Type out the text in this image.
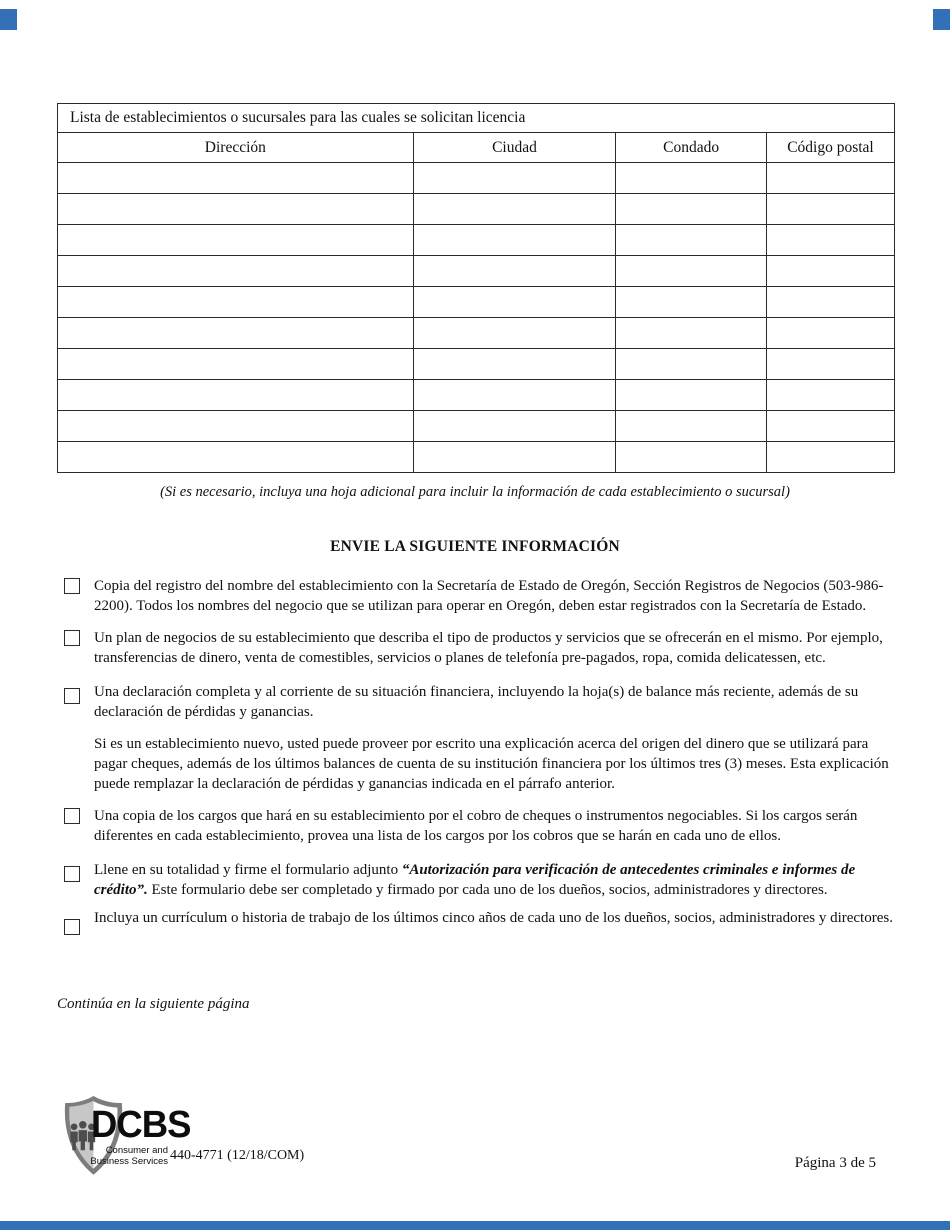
Lista de establecimientos o sucursales para las cuales se solicitan licencia			
Dirección	Ciudad	Condado	Código postal

(Si es necesario, incluya una hoja adicional para incluir la información de cada establecimiento o sucursal)
ENVIE LA SIGUIENTE INFORMACIÓN
Copia del registro del nombre del establecimiento con la Secretaría de Estado de Oregón, Sección Registros de Negocios (503-986-2200). Todos los nombres del negocio que se utilizan para operar en Oregón, deben estar registrados con la Secretaría de Estado.
Un plan de negocios de su establecimiento que describa el tipo de productos y servicios que se ofrecerán en el mismo. Por ejemplo, transferencias de dinero, venta de comestibles, servicios o planes de telefonía pre-pagados, ropa, comida delicatessen, etc.
Una declaración completa y al corriente de su situación financiera, incluyendo la hoja(s) de balance más reciente, además de su declaración de pérdidas y ganancias.
Si es un establecimiento nuevo, usted puede proveer por escrito una explicación acerca del origen del dinero que se utilizará para pagar cheques, además de los últimos balances de cuenta de su institución financiera por los últimos tres (3) meses. Esta explicación puede remplazar la declaración de pérdidas y ganancias indicada en el párrafo anterior.
Una copia de los cargos que hará en su establecimiento por el cobro de cheques o instrumentos negociables. Si los cargos serán diferentes en cada establecimiento, provea una lista de los cargos por los cobros que se harán en cada uno de ellos.
Llene en su totalidad y firme el formulario adjunto “Autorización para verificación de antecedentes criminales e informes de crédito”. Este formulario debe ser completado y firmado por cada uno de los dueños, socios, administradores y directores.
Incluya un currículum o historia de trabajo de los últimos cinco años de cada uno de los dueños, socios, administradores y directores.
Continúa en la siguiente página
DCBS
Consumer and
Business Services 440-4771 (12/18/COM)	Página 3 de 5
